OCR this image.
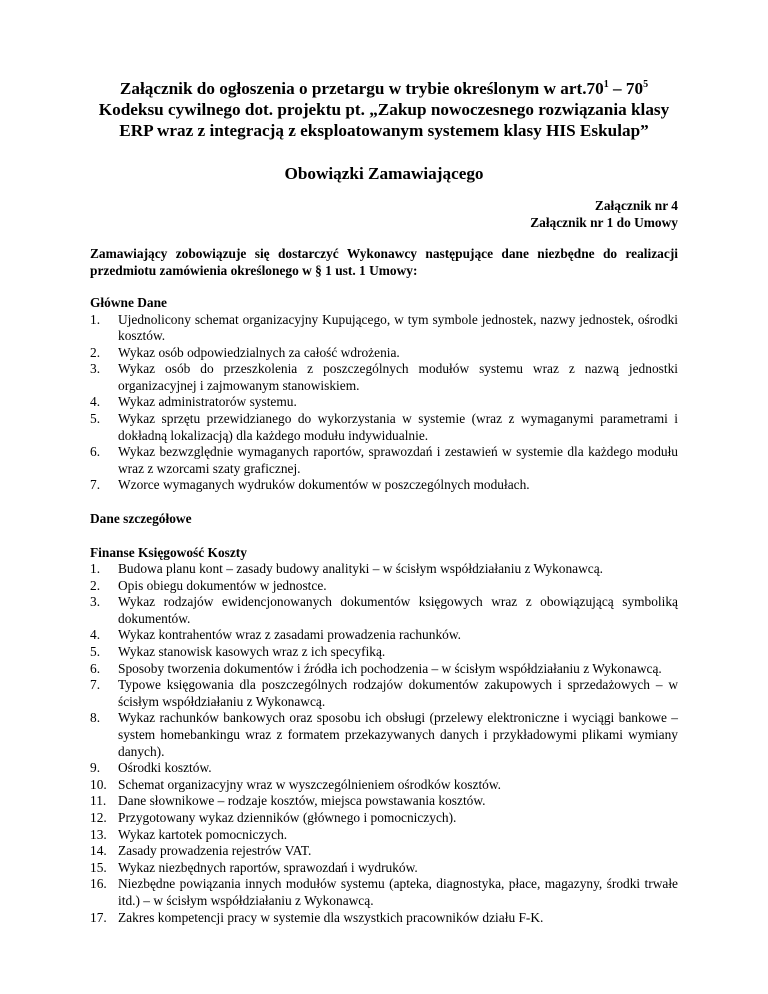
Załącznik do ogłoszenia o przetargu w trybie określonym w $art.70^1 - 70^5$ Kodeksu cywilnego dot. projektu pt. „Zakup nowoczesnego rozwiązania klasy ERP wraz z integracją z eksploatowanym systemem klasy HIS Eskulap”

Obowiązki Zamawiającego

Załącznik nr 4
Załącznik nr 1 do Umowy
Zamawiający zobowiązuje się dostarczyć Wykonawcy następujące dane niezbędne do realizacji przedmiotu zamówienia określonego w § 1 ust. 1 Umowy:
Główne Dane
1. Ujednolicony schemat organizacyjny Kupującego, w tym symbole jednostek, nazwy jednostek, ośrodki kosztów.
2. Wykaz osób odpowiedzialnych za całość wdrożenia.
3. Wykaz osób do przeszkolenia z poszczególnych modułów systemu wraz z nazwą jednostki organizacyjnej i zajmowanym stanowiskiem.
4. Wykaz administratorów systemu.
5. Wykaz sprzętu przewidzianego do wykorzystania w systemie (wraz z wymaganymi parametrami i dokładną lokalizacją) dla każdego modułu indywidualnie.
6. Wykaz bezwzględnie wymaganych raportów, sprawozdań i zestawień w systemie dla każdego modułu wraz z wzorcami szaty graficznej.
7. Wzorce wymaganych wydruków dokumentów w poszczególnych modułach.
Dane szczegółowe
Finanse Księgowość Koszty
1. Budowa planu kont – zasady budowy analityki – w ścisłym współdziałaniu z Wykonawcą.
2. Opis obiegu dokumentów w jednostce.
3. Wykaz rodzajów ewidencjonowanych dokumentów księgowych wraz z obowiązującą symboliką dokumentów.
4. Wykaz kontrahentów wraz z zasadami prowadzenia rachunków.
5. Wykaz stanowisk kasowych wraz z ich specyfiką.
6. Sposoby tworzenia dokumentów i źródła ich pochodzenia – w ścisłym współdziałaniu z Wykonawcą.
7. Typowe księgowania dla poszczególnych rodzajów dokumentów zakupowych i sprzedażowych – w ścisłym współdziałaniu z Wykonawcą.
8. Wykaz rachunków bankowych oraz sposobu ich obsługi (przelewy elektroniczne i wyciągi bankowe – system homebankingu wraz z formatem przekazywanych danych i przykładowymi plikami wymiany danych).
9. Ośrodki kosztów.
10. Schemat organizacyjny wraz w wyszczególnieniem ośrodków kosztów.
11. Dane słownikowe – rodzaje kosztów, miejsca powstawania kosztów.
12. Przygotowany wykaz dzienników (głównego i pomocniczych).
13. Wykaz kartotek pomocniczych.
14. Zasady prowadzenia rejestrów VAT.
15. Wykaz niezbędnych raportów, sprawozdań i wydruków.
16. Niezbędne powiązania innych modułów systemu (apteka, diagnostyka, płace, magazyny, środki trwałe itd.) – w ścisłym współdziałaniu z Wykonawcą.
17. Zakres kompetencji pracy w systemie dla wszystkich pracowników działu F-K.
